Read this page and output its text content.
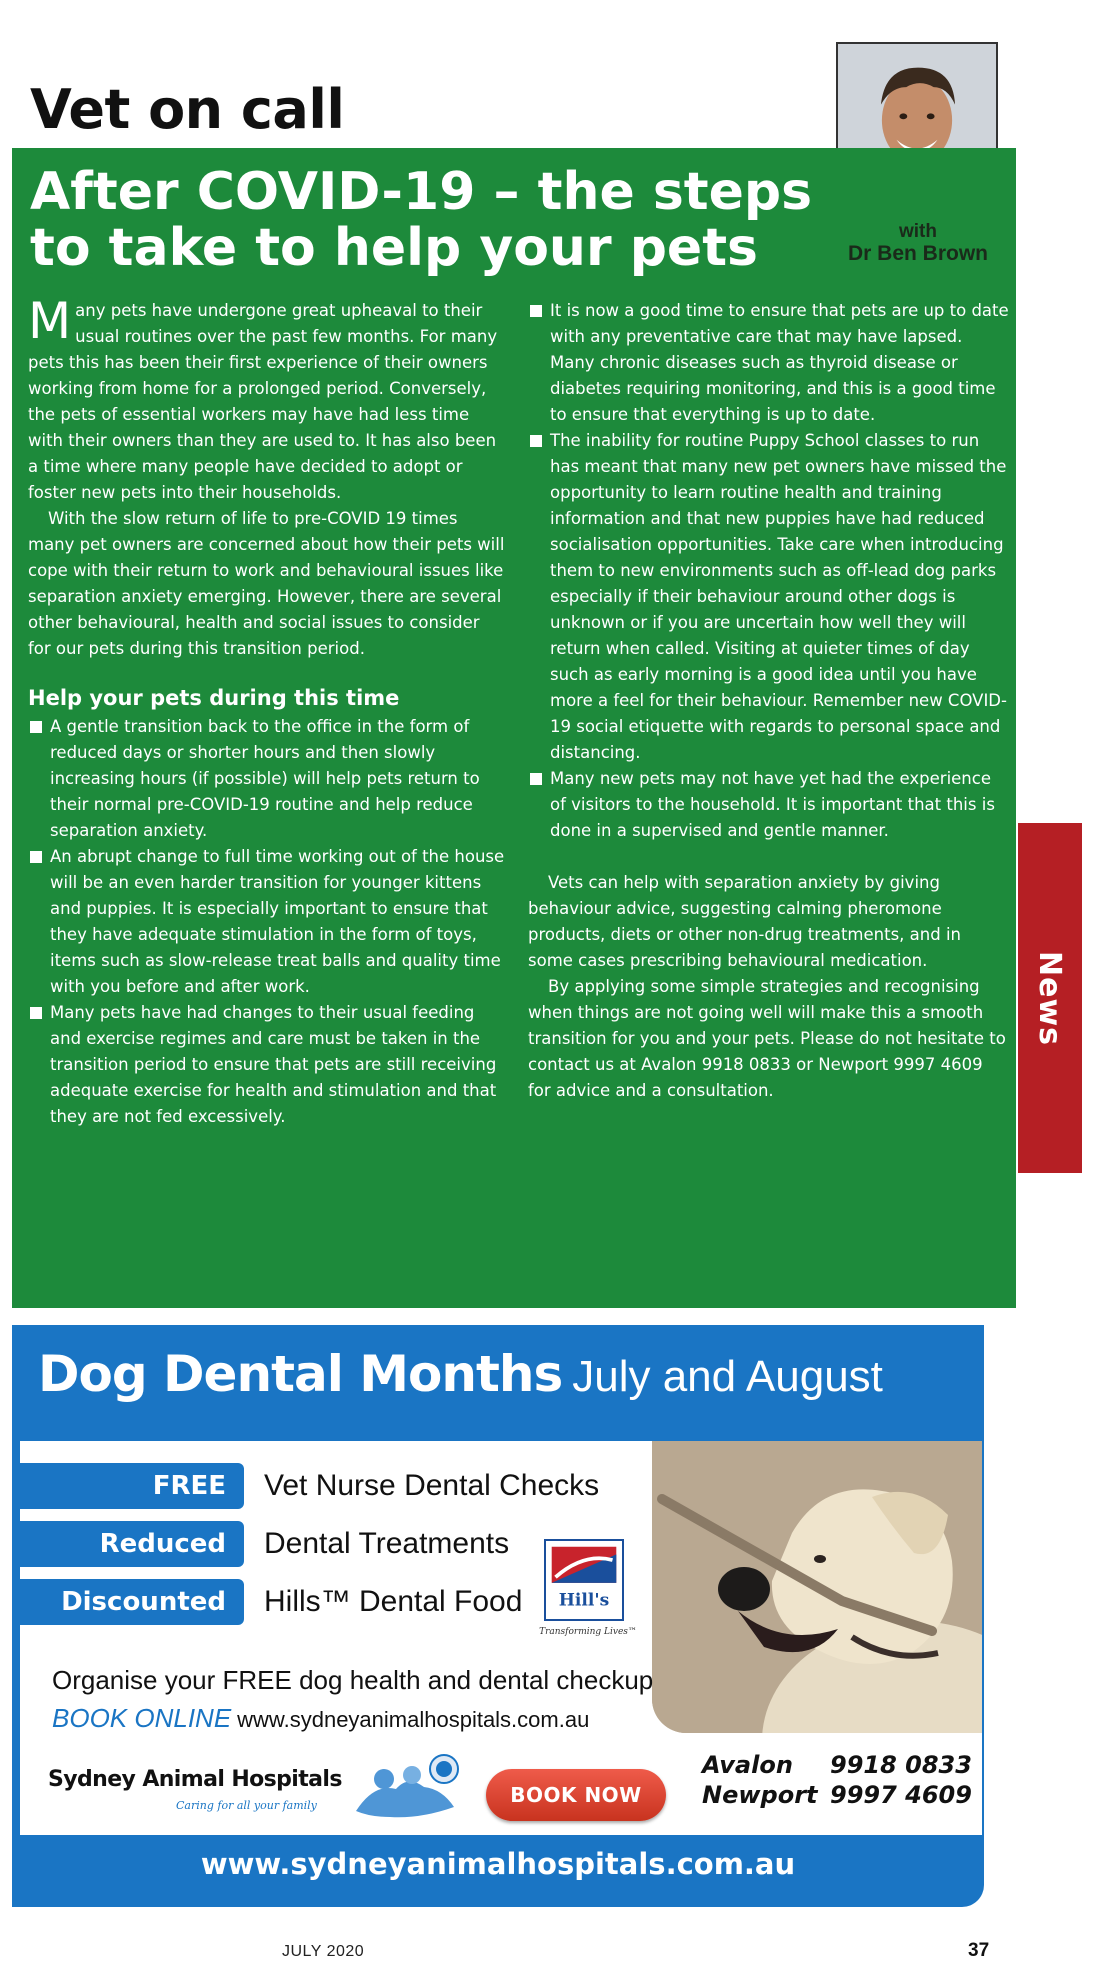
Vet on call
After COVID-19 – the steps
to take to help your pets	with
Dr Ben Brown

Many pets have undergone great upheaval to their usual routines over the past few months. For many pets this has been their first experience of their owners working from home for a prolonged period. Conversely, the pets of essential workers may have had less time with their owners than they are used to. It has also been a time where many people have decided to adopt or foster new pets into their households.

With the slow return of life to pre-COVID 19 times many pet owners are concerned about how their pets will cope with their return to work and behavioural issues like separation anxiety emerging. However, there are several other behavioural, health and social issues to consider for our pets during this transition period.

Help your pets during this time
A gentle transition back to the office in the form of reduced days or shorter hours and then slowly increasing hours (if possible) will help pets return to their normal pre-COVID-19 routine and help reduce separation anxiety.
An abrupt change to full time working out of the house will be an even harder transition for younger kittens and puppies. It is especially important to ensure that they have adequate stimulation in the form of toys, items such as slow-release treat balls and quality time with you before and after work.
Many pets have had changes to their usual feeding and exercise regimes and care must be taken in the transition period to ensure that pets are still receiving adequate exercise for health and stimulation and that they are not fed excessively.
It is now a good time to ensure that pets are up to date with any preventative care that may have lapsed. Many chronic diseases such as thyroid disease or diabetes requiring monitoring, and this is a good time to ensure that everything is up to date.
The inability for routine Puppy School classes to run has meant that many new pet owners have missed the opportunity to learn routine health and training information and that new puppies have had reduced socialisation opportunities. Take care when introducing them to new environments such as off-lead dog parks especially if their behaviour around other dogs is unknown or if you are uncertain how well they will return when called. Visiting at quieter times of day such as early morning is a good idea until you have more a feel for their behaviour. Remember new COVID-19 social etiquette with regards to personal space and distancing.
Many new pets may not have yet had the experience of visitors to the household. It is important that this is done in a supervised and gentle manner.

Vets can help with separation anxiety by giving behaviour advice, suggesting calming pheromone products, diets or other non-drug treatments, and in some cases prescribing behavioural medication.

By applying some simple strategies and recognising when things are not going well will make this a smooth transition for you and your pets. Please do not hesitate to contact us at Avalon 9918 0833 or Newport 9997 4609 for advice and a consultation.

News
Dog Dental Months July and August
FREE	Vet Nurse Dental Checks
Reduced	Dental Treatments
Discounted	Hills™ Dental Food Hill's
Transforming Lives™
Organise your FREE dog health and dental checkup
BOOK ONLINE www.sydneyanimalhospitals.com.au
Sydney Animal Hospitals
Caring for all your family	BOOK NOW
Avalon 9918 0833
Newport 9997 4609
www.sydneyanimalhospitals.com.au
JULY 2020	37
